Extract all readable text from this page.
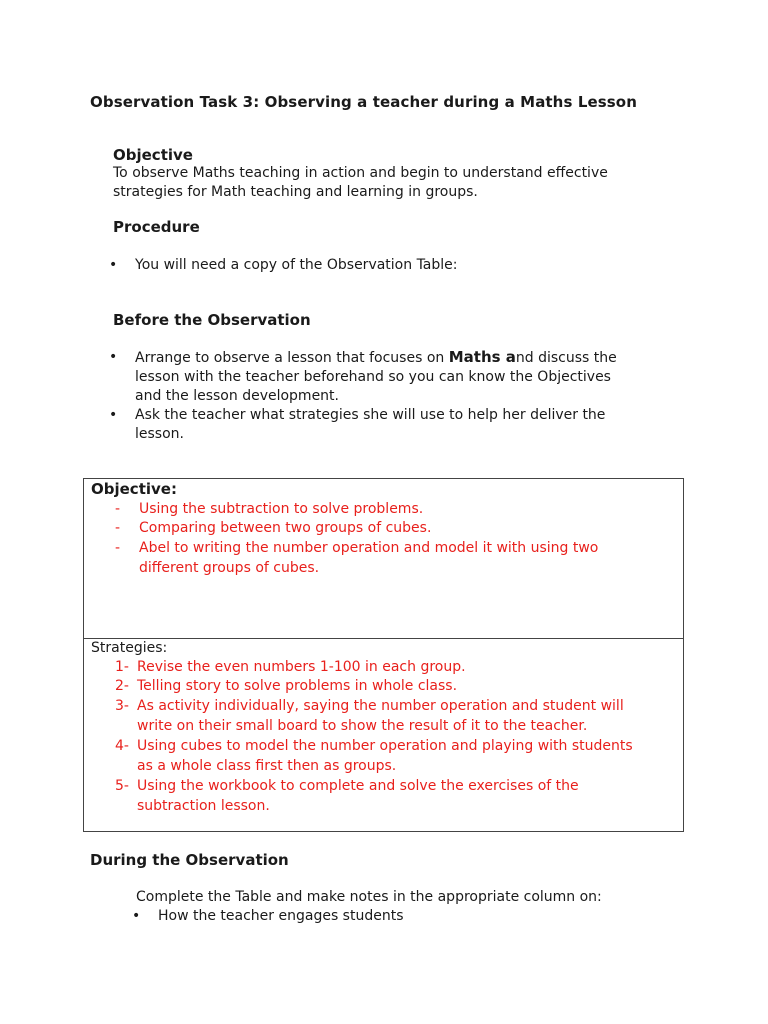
Observation Task 3: Observing a teacher during a Maths Lesson
Objective
To observe Maths teaching in action and begin to understand effective
strategies for Math teaching and learning in groups.
Procedure
• You will need a copy of the Observation Table:
Before the Observation
• Arrange to observe a lesson that focuses on Maths and discuss the
lesson with the teacher beforehand so you can know the Objectives
and the lesson development.
• Ask the teacher what strategies she will use to help her deliver the
lesson.
Objective:
- Using the subtraction to solve problems.
- Comparing between two groups of cubes.
- Abel to writing the number operation and model it with using two
different groups of cubes.
Strategies:
1- Revise the even numbers 1-100 in each group.
2- Telling story to solve problems in whole class.
3- As activity individually, saying the number operation and student will
write on their small board to show the result of it to the teacher.
4- Using cubes to model the number operation and playing with students
as a whole class first then as groups.
5- Using the workbook to complete and solve the exercises of the
subtraction lesson.
During the Observation
Complete the Table and make notes in the appropriate column on:
• How the teacher engages students
